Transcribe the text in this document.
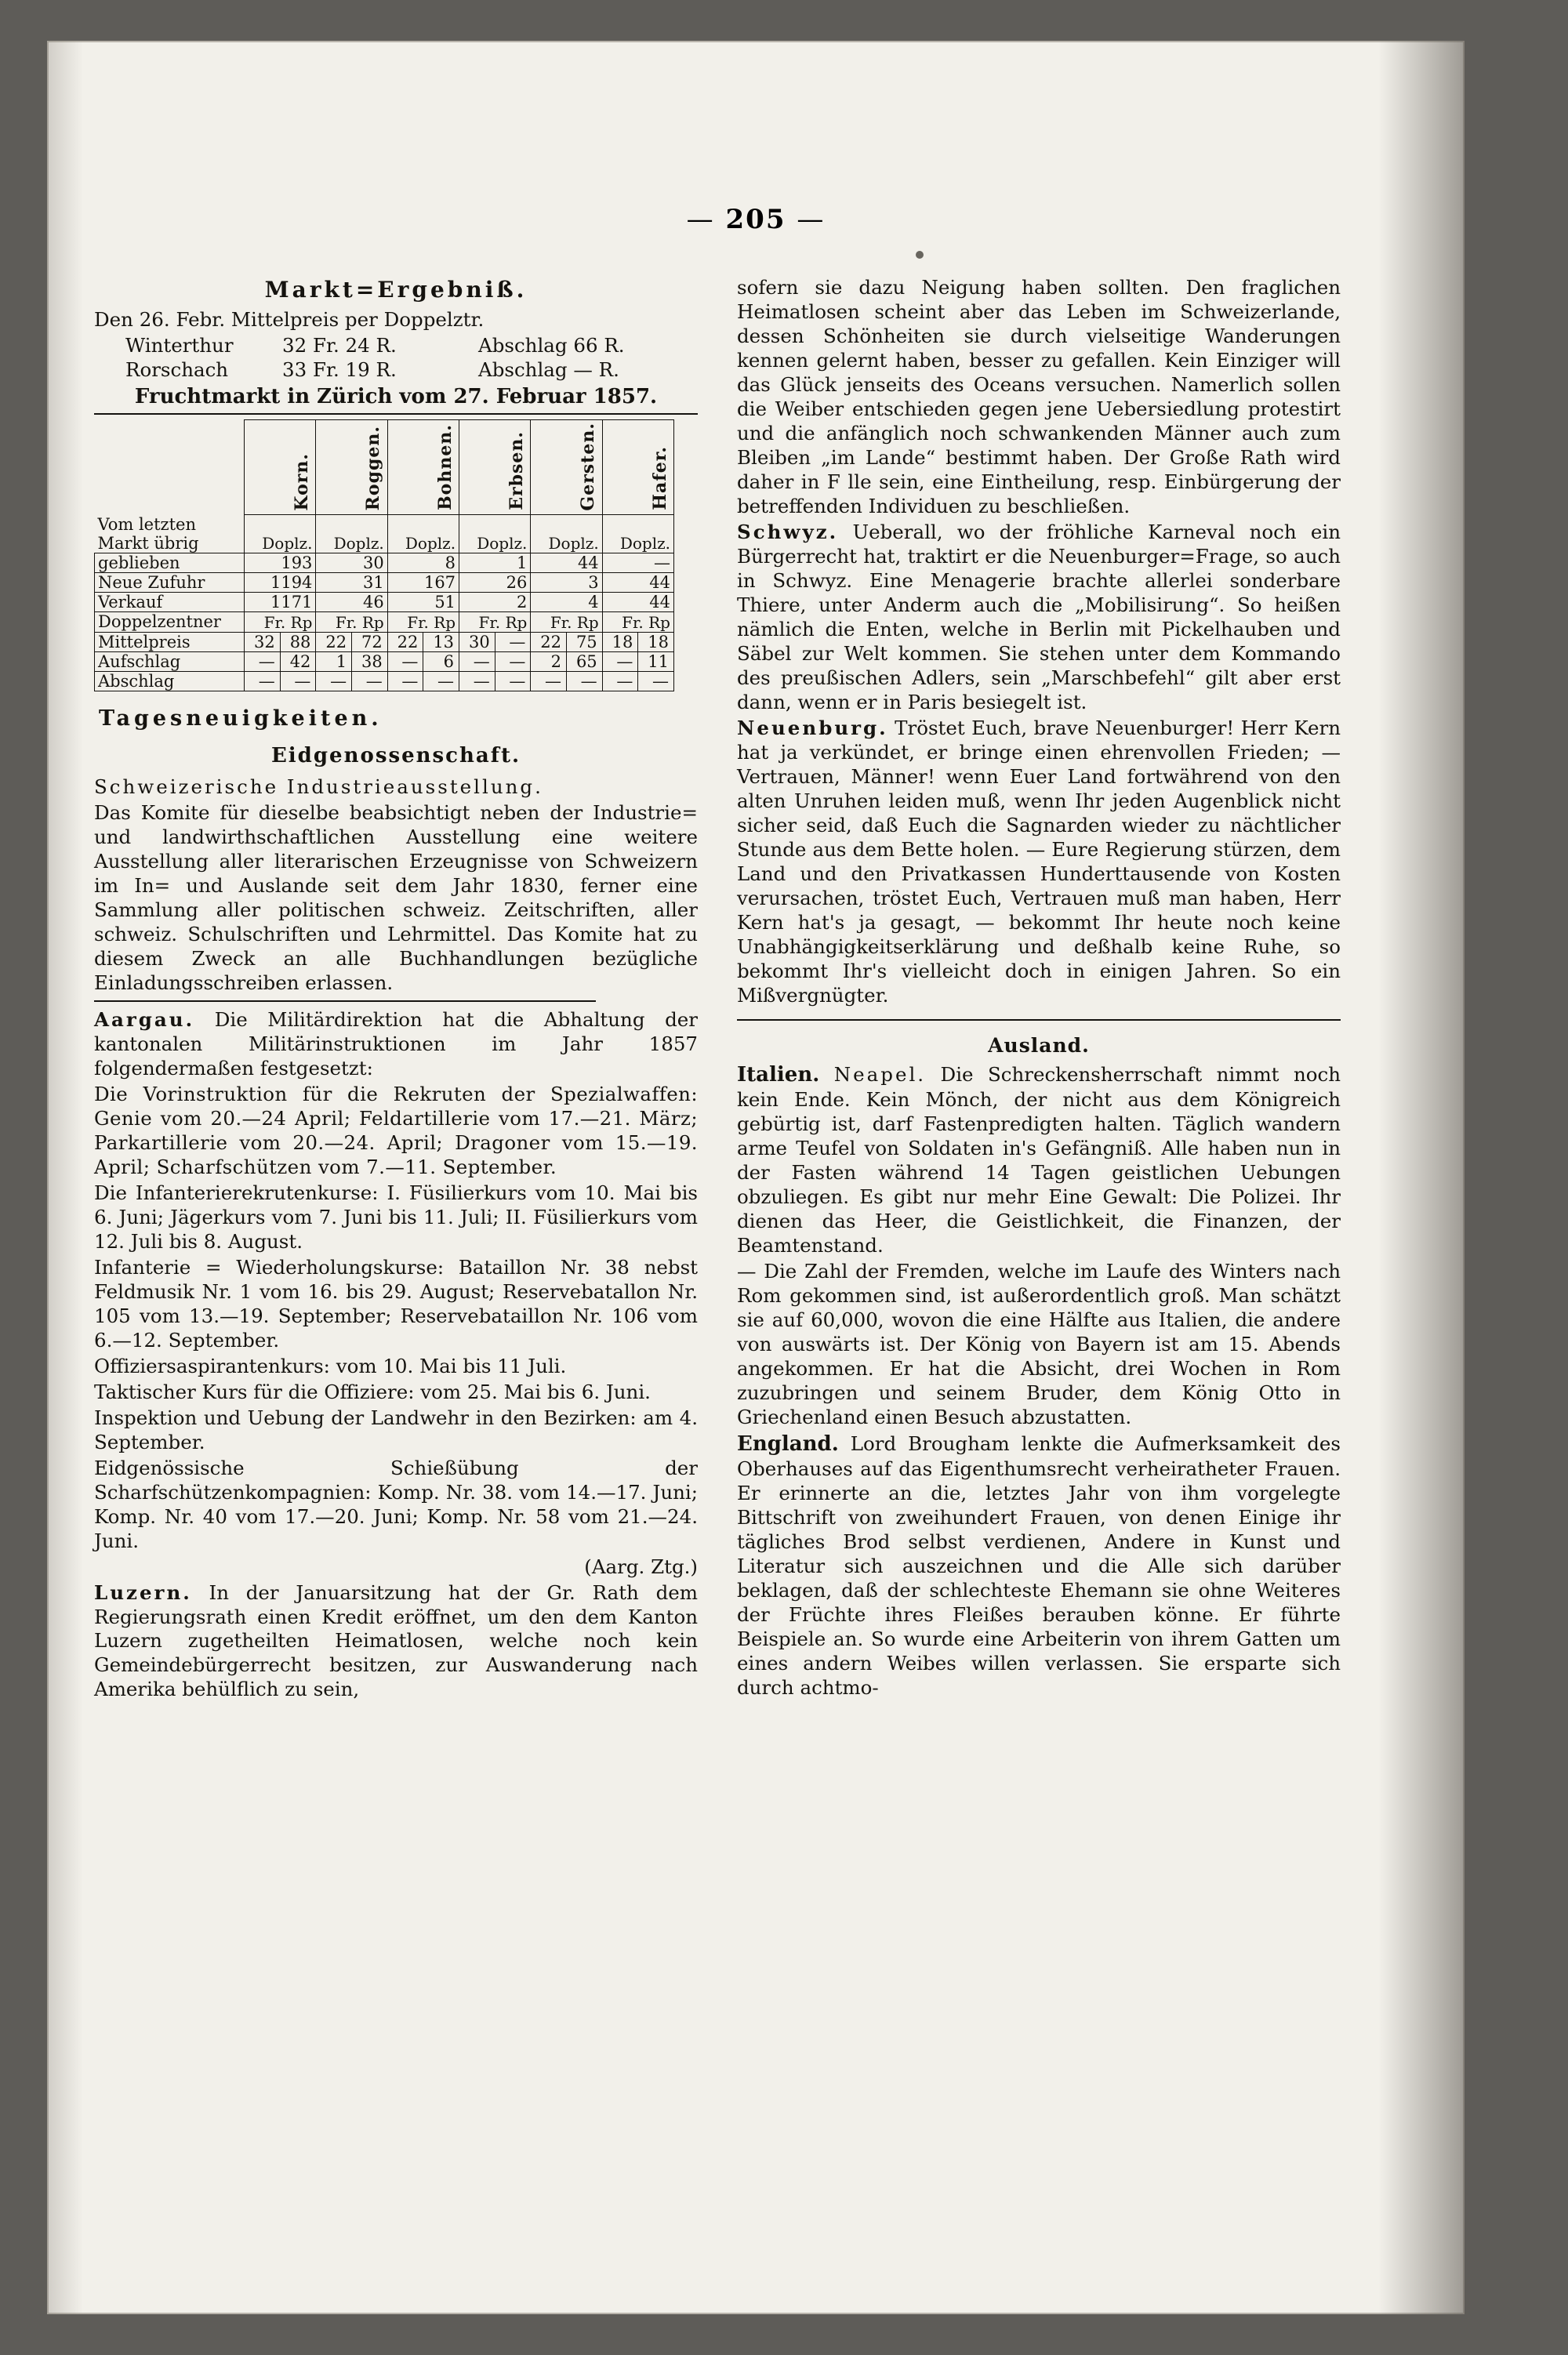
— 205 —
Markt=Ergebniß.

Den 26. Febr. Mittelpreis per Doppelztr.

Winterthur	32 Fr. 24 R.	Abschlag 66 R.
Rorschach	33 Fr. 19 R.	Abschlag — R.

Fruchtmarkt in Zürich vom 27. Februar 1857.

	Korn.	Roggen.	Bohnen.	Erbsen.	Gersten.	Hafer.

Vom letzten
Markt übrig	Doplz.	Doplz.	Doplz.	Doplz.	Doplz.	Doplz.
geblieben	193	30	8	1	44	—
Neue Zufuhr	1194	31	167	26	3	44
Verkauf	1171	46	51	2	4	44
Doppelzentner	Fr. Rp	Fr. Rp	Fr. Rp	Fr. Rp	Fr. Rp	Fr. Rp
Mittelpreis	32 88	22 72	22 13	30 —	22 75	18 18

Aufschlag	— 42	1 38	— 6	— —	2 65	— 11

Abschlag	— —	— —	— —	— —	— —	— —
Tagesneuigkeiten.
Eidgenossenschaft.

Schweizerische Industrieausstellung.

Das Komite für dieselbe beabsichtigt neben der Industrie= und landwirthschaftlichen Ausstellung eine weitere Ausstellung aller literarischen Erzeugnisse von Schweizern im In= und Auslande seit dem Jahr 1830, ferner eine Sammlung aller politischen schweiz. Zeitschriften, aller schweiz. Schulschriften und Lehrmittel. Das Komite hat zu diesem Zweck an alle Buchhandlungen bezügliche Einladungsschreiben erlassen.

Aargau. Die Militärdirektion hat die Abhaltung der kantonalen Militärinstruktionen im Jahr 1857 folgendermaßen festgesetzt:

Die Vorinstruktion für die Rekruten der Spezialwaffen: Genie vom 20.—24 April; Feldartillerie vom 17.—21. März; Parkartillerie vom 20.—24. April; Dragoner vom 15.—19. April; Scharfschützen vom 7.—11. September.

Die Infanterierekrutenkurse: I. Füsilierkurs vom 10. Mai bis 6. Juni; Jägerkurs vom 7. Juni bis 11. Juli; II. Füsilierkurs vom 12. Juli bis 8. August.

Infanterie = Wiederholungskurse: Bataillon Nr. 38 nebst Feldmusik Nr. 1 vom 16. bis 29. August; Reservebatallon Nr. 105 vom 13.—19. September; Reservebataillon Nr. 106 vom 6.—12. September.

Offiziersaspirantenkurs: vom 10. Mai bis 11 Juli.

Taktischer Kurs für die Offiziere: vom 25. Mai bis 6. Juni.

Inspektion und Uebung der Landwehr in den Bezirken: am 4. September.

Eidgenössische Schießübung der Scharfschützenkompagnien: Komp. Nr. 38. vom 14.—17. Juni; Komp. Nr. 40 vom 17.—20. Juni; Komp. Nr. 58 vom 21.—24. Juni.

(Aarg. Ztg.)

Luzern. In der Januarsitzung hat der Gr. Rath dem Regierungsrath einen Kredit eröffnet, um den dem Kanton Luzern zugetheilten Heimatlosen, welche noch kein Gemeindebürgerrecht besitzen, zur Auswanderung nach Amerika behülflich zu sein,

sofern sie dazu Neigung haben sollten. Den fraglichen Heimatlosen scheint aber das Leben im Schweizerlande, dessen Schönheiten sie durch vielseitige Wanderungen kennen gelernt haben, besser zu gefallen. Kein Einziger will das Glück jenseits des Oceans versuchen. Namerlich sollen die Weiber entschieden gegen jene Uebersiedlung protestirt und die anfänglich noch schwankenden Männer auch zum Bleiben „im Lande“ bestimmt haben. Der Große Rath wird daher in F lle sein, eine Eintheilung, resp. Einbürgerung der betreffenden Individuen zu beschließen.

Schwyz. Ueberall, wo der fröhliche Karneval noch ein Bürgerrecht hat, traktirt er die Neuenburger=Frage, so auch in Schwyz. Eine Menagerie brachte allerlei sonderbare Thiere, unter Anderm auch die „Mobilisirung“. So heißen nämlich die Enten, welche in Berlin mit Pickelhauben und Säbel zur Welt kommen. Sie stehen unter dem Kommando des preußischen Adlers, sein „Marschbefehl“ gilt aber erst dann, wenn er in Paris besiegelt ist.

Neuenburg. Tröstet Euch, brave Neuenburger! Herr Kern hat ja verkündet, er bringe einen ehrenvollen Frieden; — Vertrauen, Männer! wenn Euer Land fortwährend von den alten Unruhen leiden muß, wenn Ihr jeden Augenblick nicht sicher seid, daß Euch die Sagnarden wieder zu nächtlicher Stunde aus dem Bette holen. — Eure Regierung stürzen, dem Land und den Privatkassen Hunderttausende von Kosten verursachen, tröstet Euch, Vertrauen muß man haben, Herr Kern hat's ja gesagt, — bekommt Ihr heute noch keine Unabhängigkeitserklärung und deßhalb keine Ruhe, so bekommt Ihr's vielleicht doch in einigen Jahren. So ein Mißvergnügter.

Ausland.

Italien. Neapel. Die Schreckensherrschaft nimmt noch kein Ende. Kein Mönch, der nicht aus dem Königreich gebürtig ist, darf Fastenpredigten halten. Täglich wandern arme Teufel von Soldaten in's Gefängniß. Alle haben nun in der Fasten während 14 Tagen geistlichen Uebungen obzuliegen. Es gibt nur mehr Eine Gewalt: Die Polizei. Ihr dienen das Heer, die Geistlichkeit, die Finanzen, der Beamtenstand.

— Die Zahl der Fremden, welche im Laufe des Winters nach Rom gekommen sind, ist außerordentlich groß. Man schätzt sie auf 60,000, wovon die eine Hälfte aus Italien, die andere von auswärts ist. Der König von Bayern ist am 15. Abends angekommen. Er hat die Absicht, drei Wochen in Rom zuzubringen und seinem Bruder, dem König Otto in Griechenland einen Besuch abzustatten.

England. Lord Brougham lenkte die Aufmerksamkeit des Oberhauses auf das Eigenthumsrecht verheiratheter Frauen. Er erinnerte an die, letztes Jahr von ihm vorgelegte Bittschrift von zweihundert Frauen, von denen Einige ihr tägliches Brod selbst verdienen, Andere in Kunst und Literatur sich auszeichnen und die Alle sich darüber beklagen, daß der schlechteste Ehemann sie ohne Weiteres der Früchte ihres Fleißes berauben könne. Er führte Beispiele an. So wurde eine Arbeiterin von ihrem Gatten um eines andern Weibes willen verlassen. Sie ersparte sich durch achtmo-
